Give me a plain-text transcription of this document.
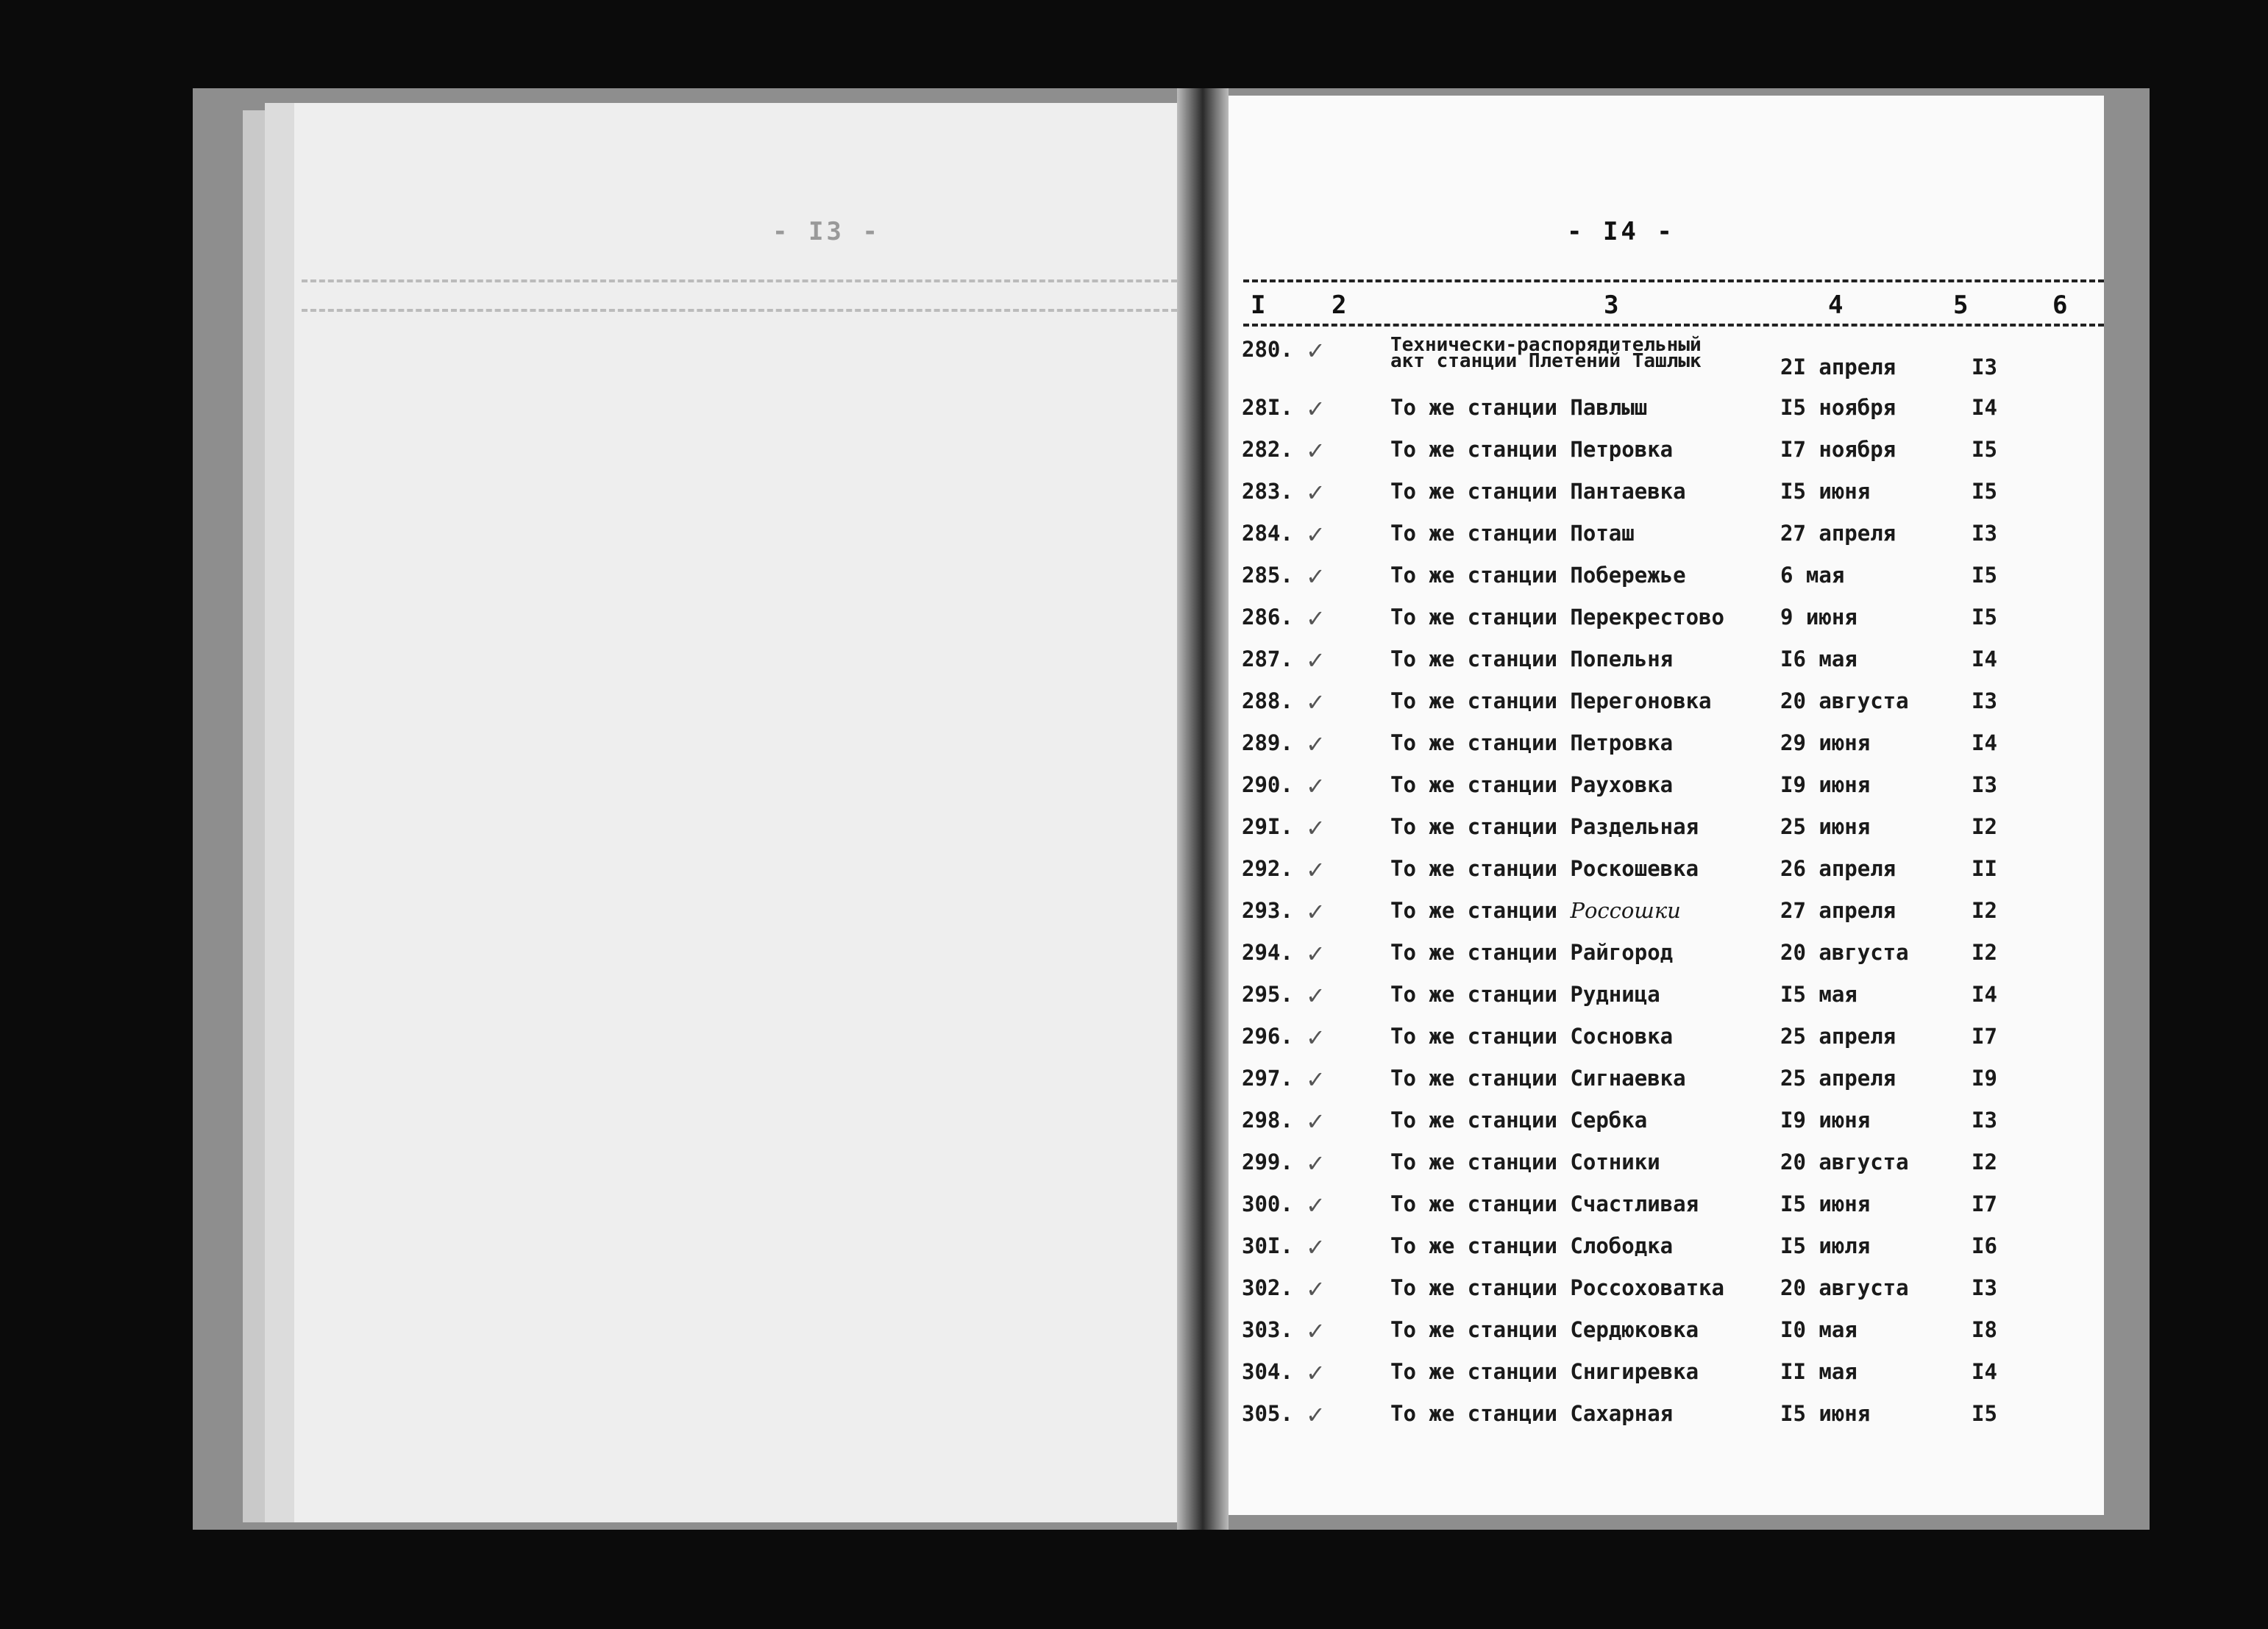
- I3 -	- I4 -
I	2	3	4	5	6
280. ✓	Технически-распорядительный акт станции Плетений Ташлык	2I апреля	I3
28I. ✓	То же станции Павлыш	I5 ноября	I4
282. ✓	То же станции Петровка	I7 ноября	I5
283. ✓	То же станции Пантаевка	I5 июня	I5
284. ✓	То же станции Поташ	27 апреля	I3
285. ✓	То же станции Побережье	6 мая	I5
286. ✓	То же станции Перекрестово	9 июня	I5
287. ✓	То же станции Попельня	I6 мая	I4
288. ✓	То же станции Перегоновка	20 августа	I3
289. ✓	То же станции Петровка	29 июня	I4
290. ✓	То же станции Рауховка	I9 июня	I3
29I. ✓	То же станции Раздельная	25 июня	I2
292. ✓	То же станции Роскошевка	26 апреля	II
293. ✓	То же станции Россошки	27 апреля	I2
294. ✓	То же станции Райгород	20 августа	I2
295. ✓	То же станции Рудница	I5 мая	I4
296. ✓	То же станции Сосновка	25 апреля	I7
297. ✓	То же станции Сигнаевка	25 апреля	I9
298. ✓	То же станции Сербка	I9 июня	I3
299. ✓	То же станции Сотники	20 августа	I2
300. ✓	То же станции Счастливая	I5 июня	I7
30I. ✓	То же станции Слободка	I5 июля	I6
302. ✓	То же станции Россоховатка	20 августа	I3
303. ✓	То же станции Сердюковка	I0 мая	I8
304. ✓	То же станции Снигиревка	II мая	I4
305. ✓	То же станции Сахарная	I5 июня	I5
